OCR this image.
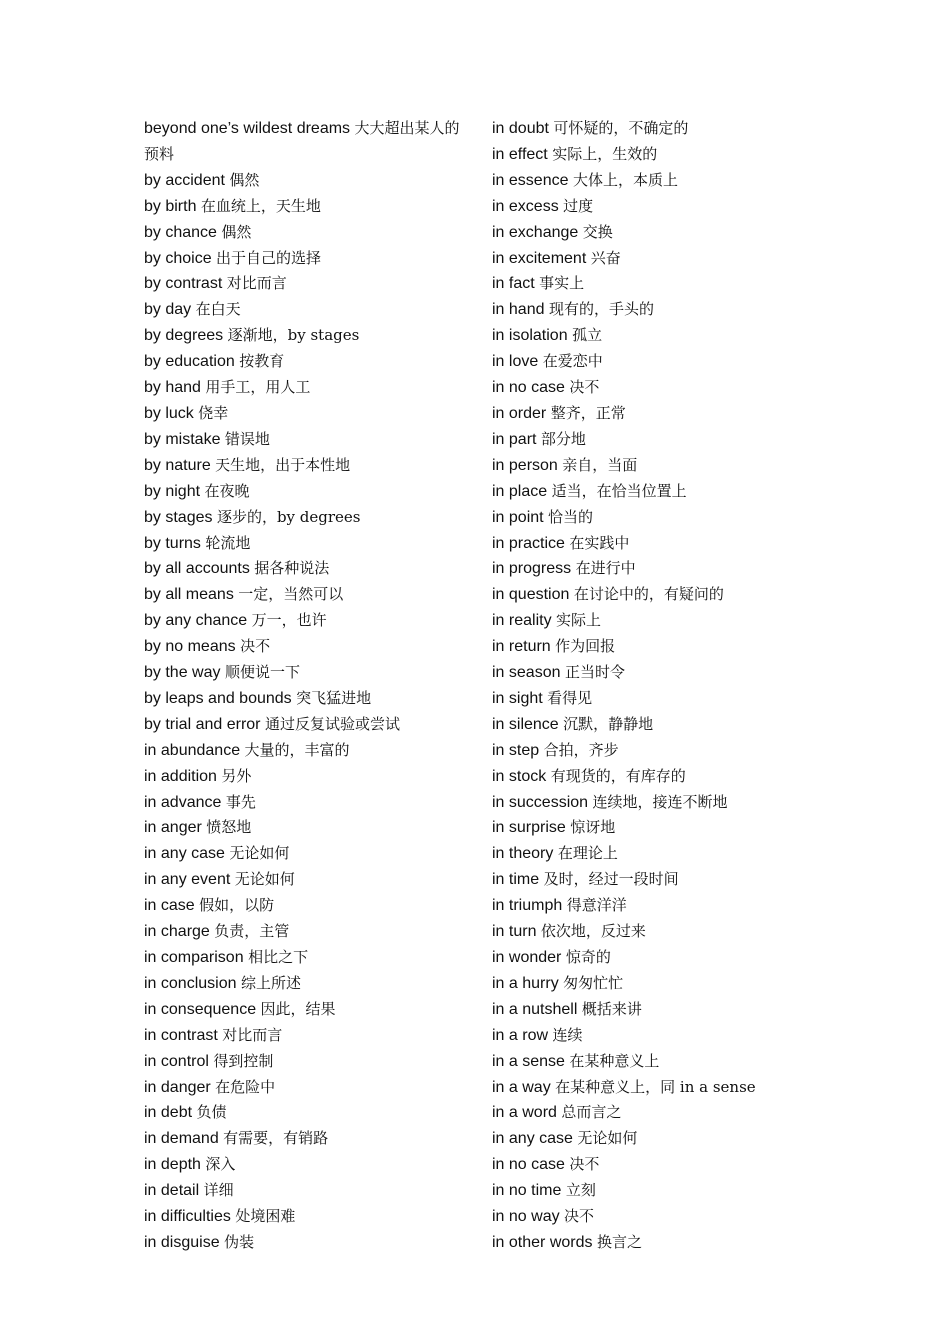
beyond one’s wildest dreams 大大超出某人的预料
by accident 偶然
by birth 在血统上，天生地
by chance 偶然
by choice 出于自己的选择
by contrast 对比而言
by day 在白天
by degrees 逐渐地，by stages
by education 按教育
by hand 用手工，用人工
by luck 侥幸
by mistake 错误地
by nature 天生地，出于本性地
by night 在夜晚
by stages 逐步的，by degrees
by turns 轮流地
by all accounts 据各种说法
by all means 一定，当然可以
by any chance 万一，也许
by no means 决不
by the way 顺便说一下
by leaps and bounds 突飞猛进地
by trial and error 通过反复试验或尝试
in abundance 大量的，丰富的
in addition 另外
in advance 事先
in anger 愤怒地
in any case 无论如何
in any event 无论如何
in case 假如，以防
in charge 负责，主管
in comparison 相比之下
in conclusion 综上所述
in consequence 因此，结果
in contrast 对比而言
in control 得到控制
in danger 在危险中
in debt 负债
in demand 有需要，有销路
in depth 深入
in detail 详细
in difficulties 处境困难
in disguise 伪装
in doubt 可怀疑的，不确定的
in effect 实际上，生效的
in essence 大体上，本质上
in excess 过度
in exchange 交换
in excitement 兴奋
in fact 事实上
in hand 现有的，手头的
in isolation 孤立
in love 在爱恋中
in no case 决不
in order 整齐，正常
in part 部分地
in person 亲自，当面
in place 适当，在恰当位置上
in point 恰当的
in practice 在实践中
in progress 在进行中
in question 在讨论中的，有疑问的
in reality 实际上
in return 作为回报
in season 正当时令
in sight 看得见
in silence 沉默，静静地
in step 合拍，齐步
in stock 有现货的，有库存的
in succession 连续地，接连不断地
in surprise 惊讶地
in theory 在理论上
in time 及时，经过一段时间
in triumph 得意洋洋
in turn 依次地，反过来
in wonder 惊奇的
in a hurry 匆匆忙忙
in a nutshell 概括来讲
in a row 连续
in a sense 在某种意义上
in a way 在某种意义上，同 in a sense
in a word 总而言之
in any case 无论如何
in no case 决不
in no time 立刻
in no way 决不
in other words 换言之
